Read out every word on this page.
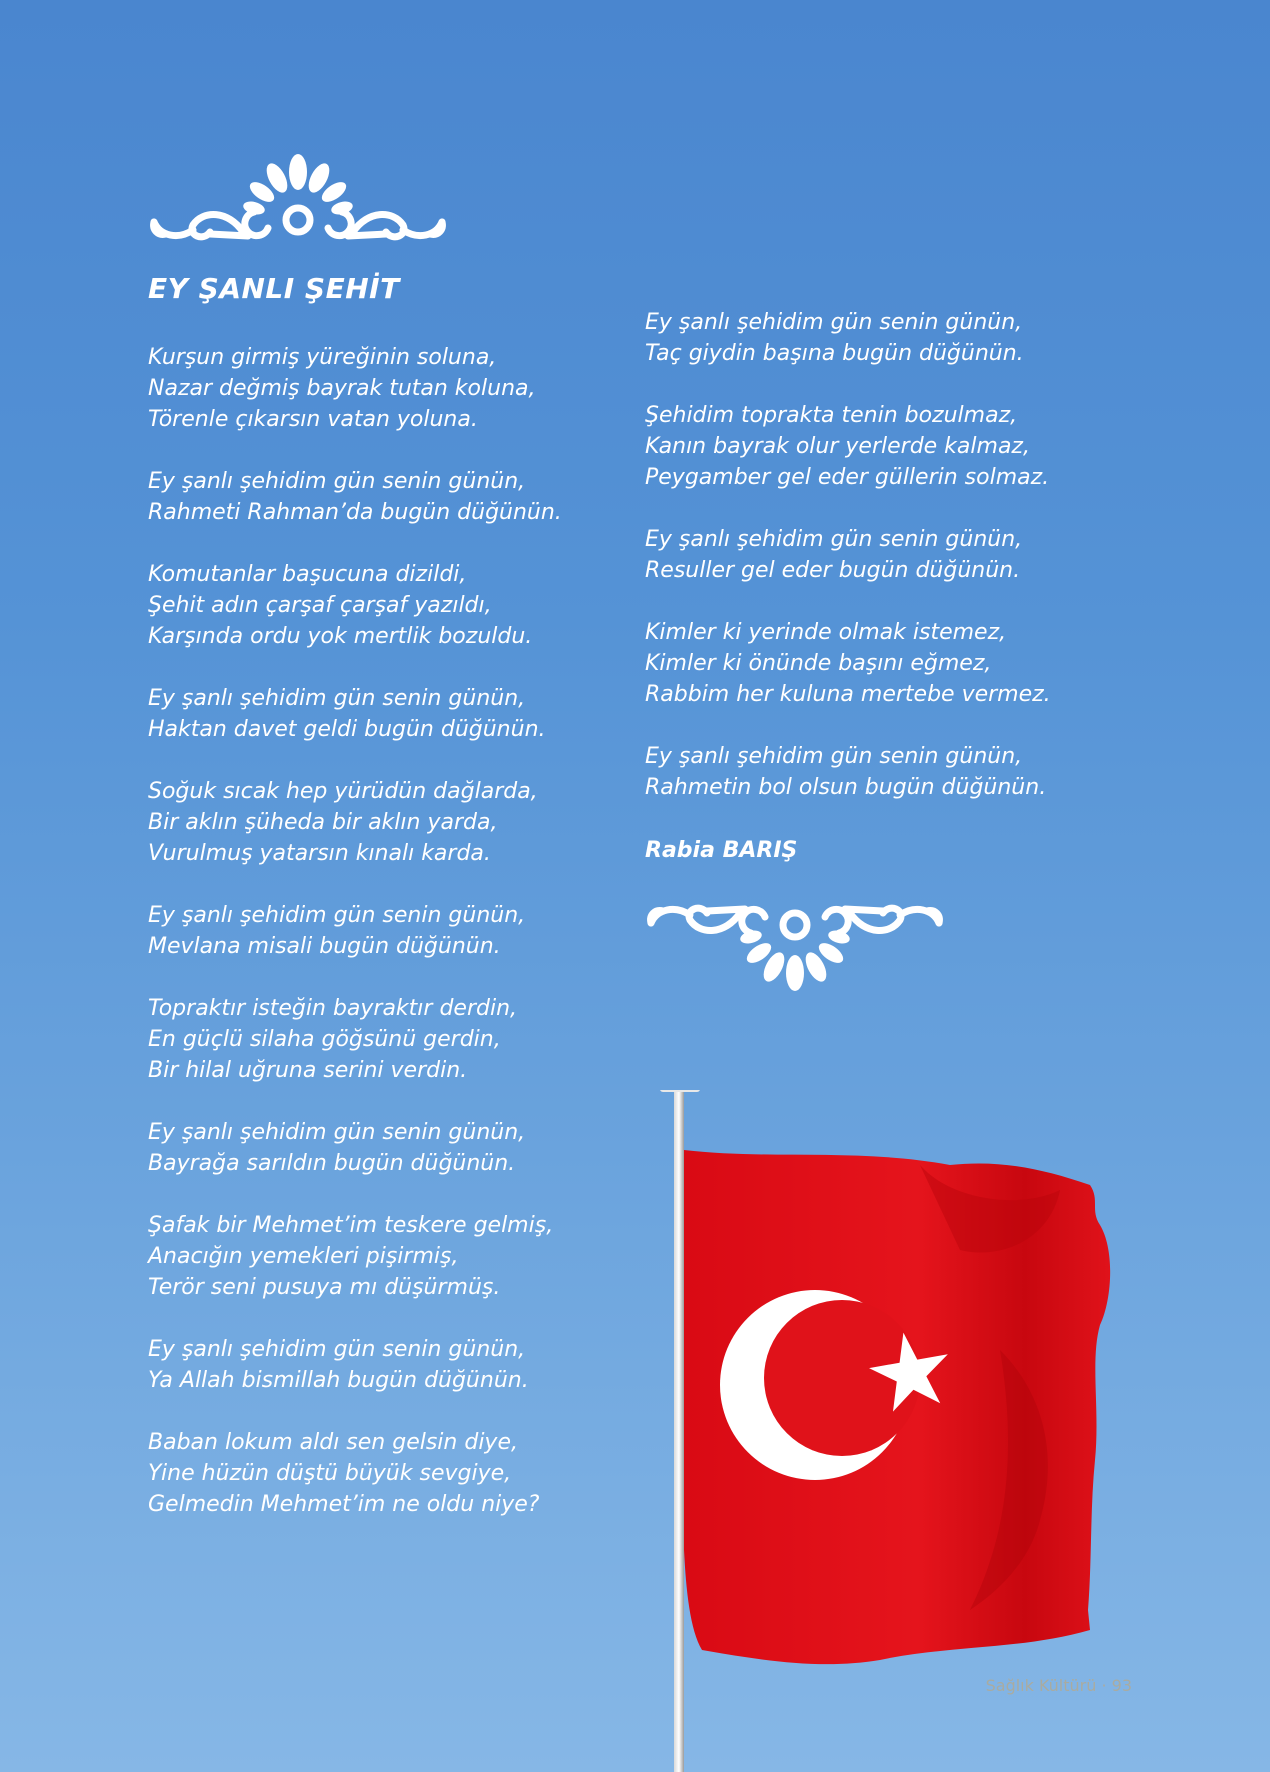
EY ŞANLI ŞEHİT

Kurşun girmiş yüreğinin soluna,
Nazar değmiş bayrak tutan koluna,
Törenle çıkarsın vatan yoluna.

Ey şanlı şehidim gün senin günün,
Rahmeti Rahman’da bugün düğünün.

Komutanlar başucuna dizildi,
Şehit adın çarşaf çarşaf yazıldı,
Karşında ordu yok mertlik bozuldu.

Ey şanlı şehidim gün senin günün,
Haktan davet geldi bugün düğünün.

Soğuk sıcak hep yürüdün dağlarda,
Bir aklın şüheda bir aklın yarda,
Vurulmuş yatarsın kınalı karda.

Ey şanlı şehidim gün senin günün,
Mevlana misali bugün düğünün.

Topraktır isteğin bayraktır derdin,
En güçlü silaha göğsünü gerdin,
Bir hilal uğruna serini verdin.

Ey şanlı şehidim gün senin günün,
Bayrağa sarıldın bugün düğünün.

Şafak bir Mehmet’im teskere gelmiş,
Anacığın yemekleri pişirmiş,
Terör seni pusuya mı düşürmüş.

Ey şanlı şehidim gün senin günün,
Ya Allah bismillah bugün düğünün.

Baban lokum aldı sen gelsin diye,
Yine hüzün düştü büyük sevgiye,
Gelmedin Mehmet’im ne oldu niye?

Ey şanlı şehidim gün senin günün,
Taç giydin başına bugün düğünün.

Şehidim toprakta tenin bozulmaz,
Kanın bayrak olur yerlerde kalmaz,
Peygamber gel eder güllerin solmaz.

Ey şanlı şehidim gün senin günün,
Resuller gel eder bugün düğünün.

Kimler ki yerinde olmak istemez,
Kimler ki önünde başını eğmez,
Rabbim her kuluna mertebe vermez.

Ey şanlı şehidim gün senin günün,
Rahmetin bol olsun bugün düğünün.

Rabia BARIŞ

Sağlık Kültürü · 93
